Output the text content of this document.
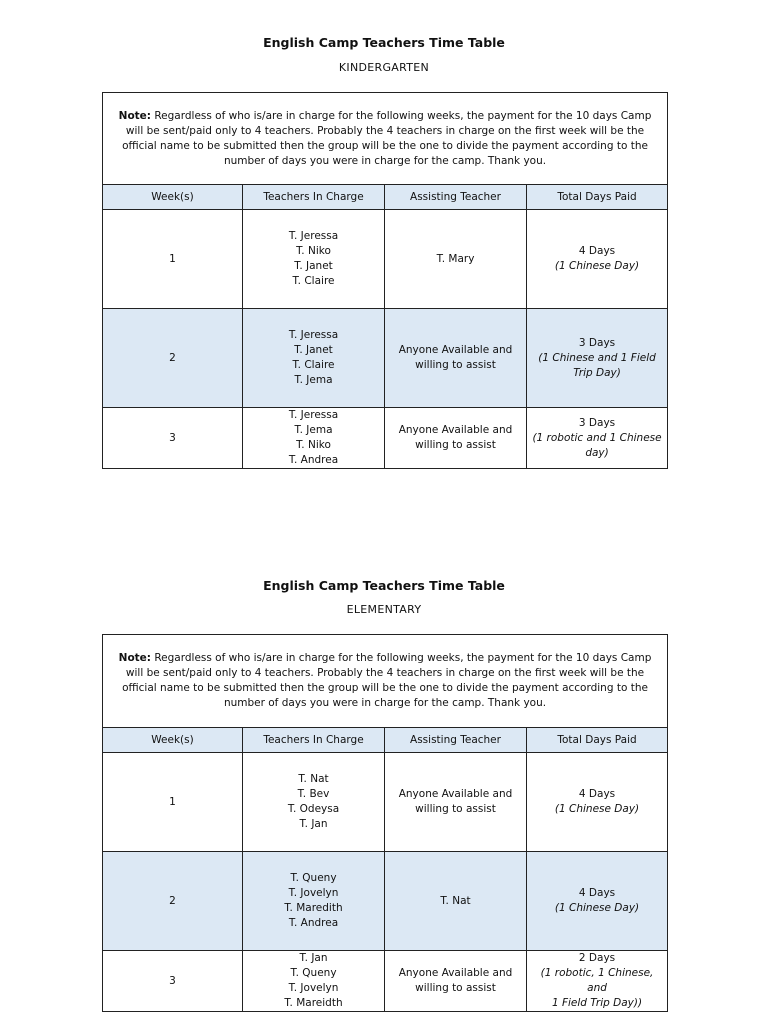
English Camp Teachers Time Table
KINDERGARTEN
Note: Regardless of who is/are in charge for the following weeks, the payment for the 10 days Camp will be sent/paid only to 4 teachers. Probably the 4 teachers in charge on the first week will be the official name to be submitted then the group will be the one to divide the payment according to the number of days you were in charge for the camp. Thank you.			
Week(s)	Teachers In Charge	Assisting Teacher	Total Days Paid
1	T. Jeressa
T. Niko
T. Janet
T. Claire	T. Mary	4 Days
(1 Chinese Day)

2	T. Jeressa
T. Janet
T. Claire
T. Jema	Anyone Available and
willing to assist	3 Days
(1 Chinese and 1 Field
Trip Day)

3	T. Jeressa
T. Jema
T. Niko
T. Andrea	Anyone Available and
willing to assist	3 Days
(1 robotic and 1 Chinese
day)
English Camp Teachers Time Table
ELEMENTARY
Note: Regardless of who is/are in charge for the following weeks, the payment for the 10 days Camp will be sent/paid only to 4 teachers. Probably the 4 teachers in charge on the first week will be the official name to be submitted then the group will be the one to divide the payment according to the number of days you were in charge for the camp. Thank you.			
Week(s)	Teachers In Charge	Assisting Teacher	Total Days Paid
1	T. Nat
T. Bev
T. Odeysa
T. Jan	Anyone Available and
willing to assist	4 Days
(1 Chinese Day)

2	T. Queny
T. Jovelyn
T. Maredith
T. Andrea	T. Nat	4 Days
(1 Chinese Day)

3	T. Jan
T. Queny
T. Jovelyn
T. Mareidth	Anyone Available and
willing to assist	2 Days
(1 robotic, 1 Chinese, and
1 Field Trip Day))
